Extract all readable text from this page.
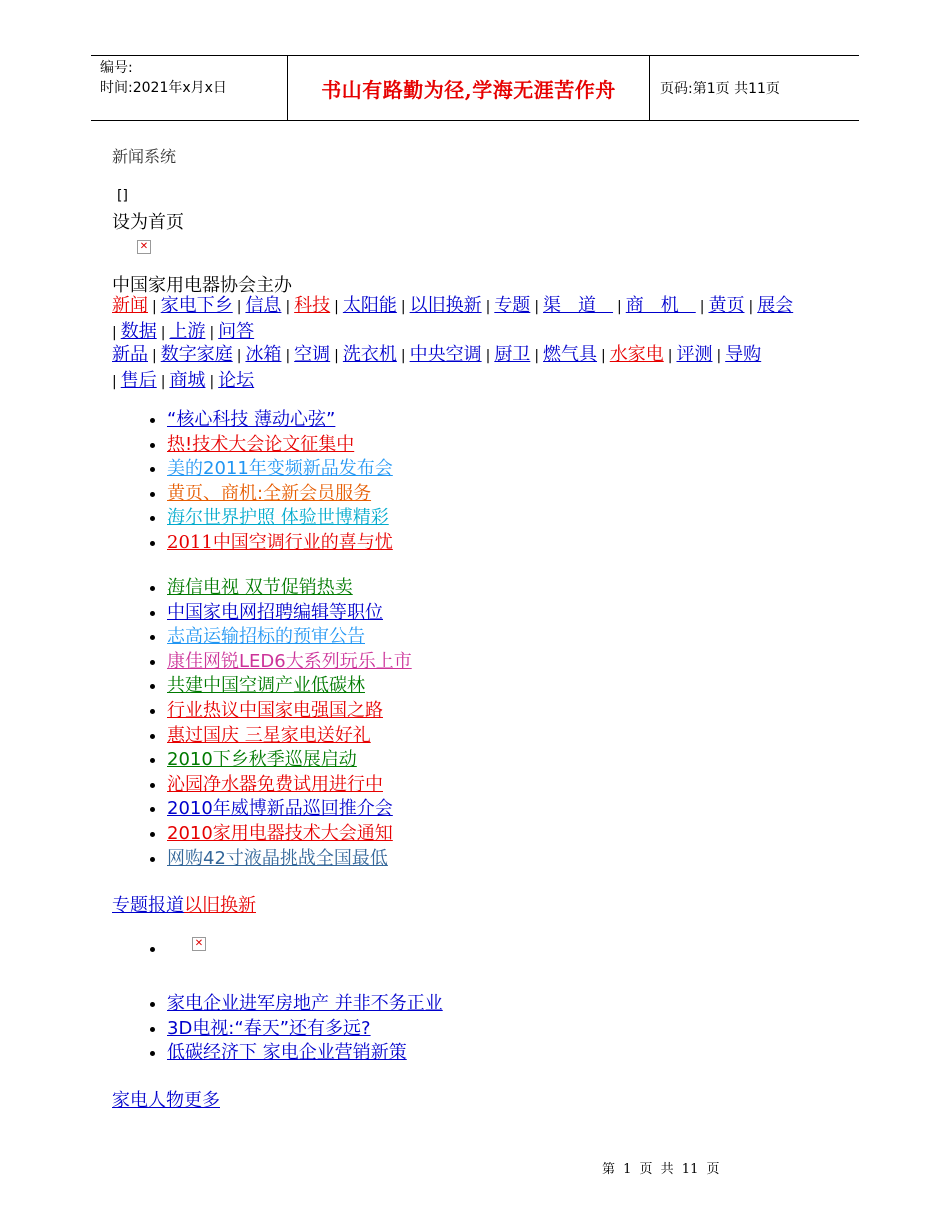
编号:
时间:2021年x月x日	书山有路勤为径,学海无涯苦作舟	页码:第1页 共11页
新闻系统
[]
设为首页
✕
中国家用电器协会主办
新闻 | 家电下乡 | 信息 | 科技 | 太阳能 | 以旧换新 | 专题 | 渠道 | 商机 | 黄页 | 展会
| 数据 | 上游 | 问答
新品 | 数字家庭 | 冰箱 | 空调 | 洗衣机 | 中央空调 | 厨卫 | 燃气具 | 水家电 | 评测 | 导购
| 售后 | 商城 | 论坛
• “核心科技 薄动心弦”
• 热!技术大会论文征集中
• 美的2011年变频新品发布会
• 黄页、商机:全新会员服务
• 海尔世界护照 体验世博精彩
• 2011中国空调行业的喜与忧
• 海信电视 双节促销热卖
• 中国家电网招聘编辑等职位
• 志高运输招标的预审公告
• 康佳网锐LED6大系列玩乐上市
• 共建中国空调产业低碳林
• 行业热议中国家电强国之路
• 惠过国庆 三星家电送好礼
• 2010下乡秋季巡展启动
• 沁园净水器免费试用进行中
• 2010年威博新品巡回推介会
• 2010家用电器技术大会通知
• 网购42寸液晶挑战全国最低
专题报道以旧换新
✕
• 家电企业进军房地产 并非不务正业
• 3D电视:“春天”还有多远?
• 低碳经济下 家电企业营销新策
家电人物更多
第 1 页 共 11 页
